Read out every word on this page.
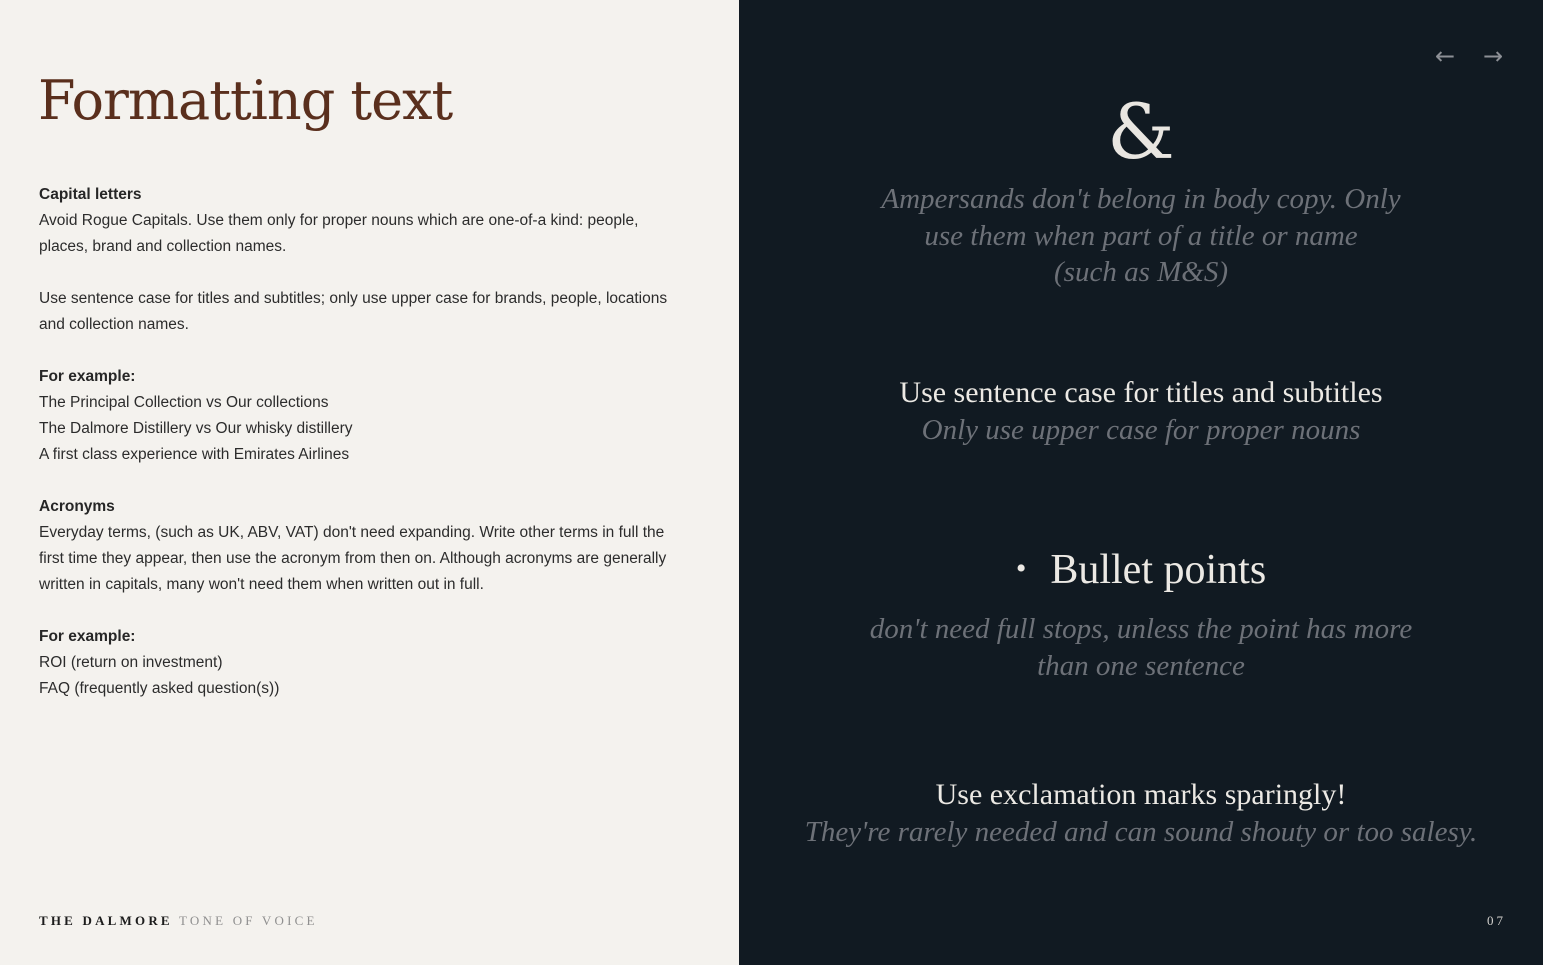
Formatting text
Capital letters

Avoid Rogue Capitals. Use them only for proper nouns which are one-of-a kind: people,

places, brand and collection names.

Use sentence case for titles and subtitles; only use upper case for brands, people, locations

and collection names.

For example:

The Principal Collection vs Our collections

The Dalmore Distillery vs Our whisky distillery

A first class experience with Emirates Airlines

Acronyms

Everyday terms, (such as UK, ABV, VAT) don't need expanding. Write other terms in full the

first time they appear, then use the acronym from then on. Although acronyms are generally

written in capitals, many won't need them when written out in full.

For example:

ROI (return on investment)

FAQ (frequently asked question(s))

THE DALMORE TONE OF VOICE
← →
&
Ampersands don't belong in body copy. Only
use them when part of a title or name
(such as M&S)
Use sentence case for titles and subtitles
Only use upper case for proper nouns
• Bullet points
don't need full stops, unless the point has more
than one sentence
Use exclamation marks sparingly!
They're rarely needed and can sound shouty or too salesy.
07
